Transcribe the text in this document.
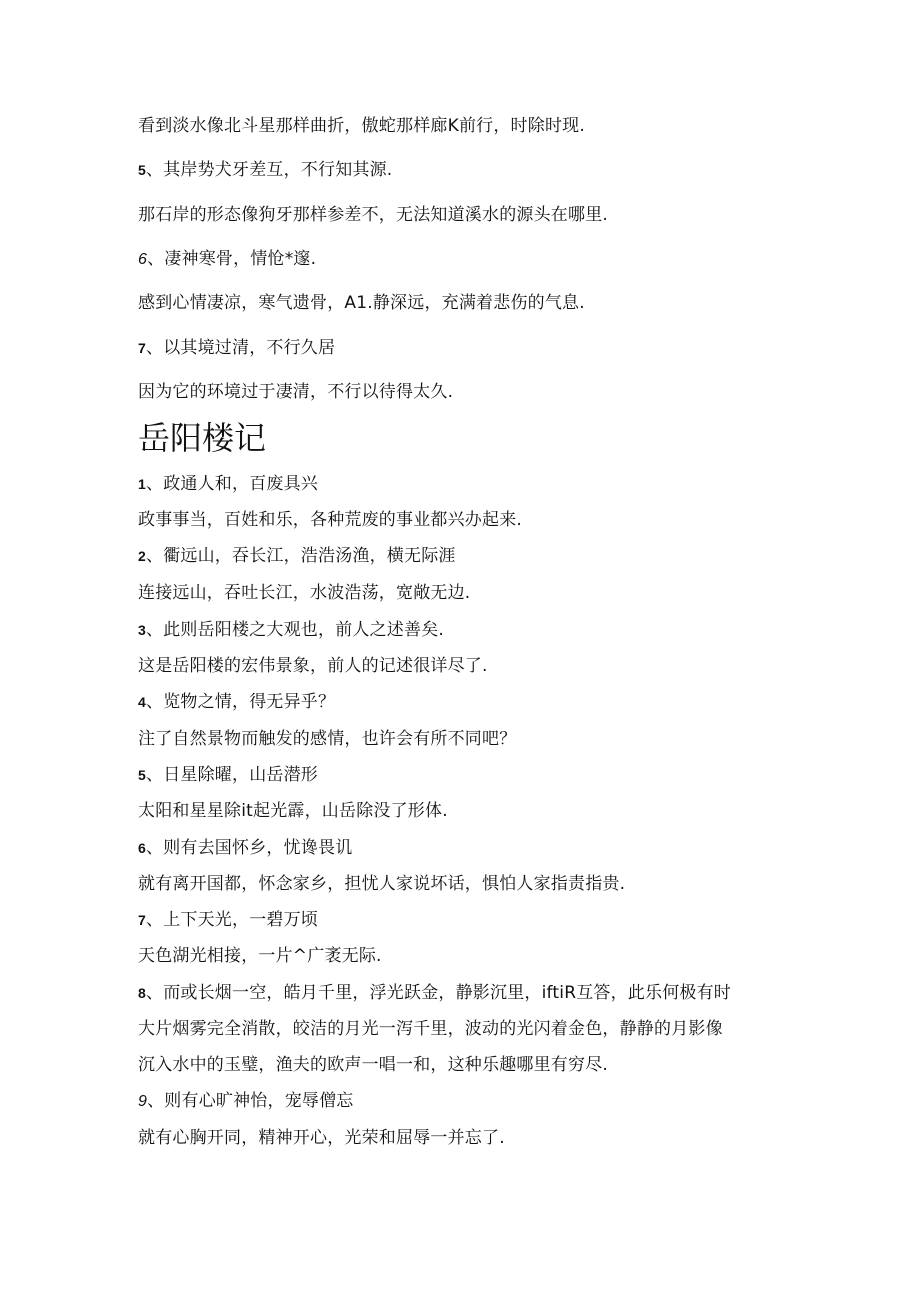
看到淡水像北斗星那样曲折，傲蛇那样廊K前行，时除时现.
5、其岸势犬牙差互，不行知其源.
那石岸的形态像狗牙那样参差不，无法知道溪水的源头在哪里.
6、凄神寒骨，情怆*邃.
感到心情凄凉，寒气遗骨，A1.静深远，充满着悲伤的气息.
7、以其境过清，不行久居
因为它的环境过于凄清，不行以待得太久.
岳阳楼记
1、政通人和，百废具兴
政事事当，百姓和乐，各种荒废的事业都兴办起来.
2、衢远山，吞长江，浩浩汤渔，横无际涯
连接远山，吞吐长江，水波浩荡，宽敞无边.
3、此则岳阳楼之大观也，前人之述善矣.
这是岳阳楼的宏伟景象，前人的记述很详尽了.
4、览物之情，得无异乎？
注了自然景物而触发的感情，也许会有所不同吧？
5、日星除曜，山岳潜形
太阳和星星除it起光霹，山岳除没了形体.
6、则有去国怀乡，忧谗畏讥
就有离开国都，怀念家乡，担忧人家说坏话，惧怕人家指责指贵.
7、上下天光，一碧万顷
天色湖光相接，一片^广袤无际.
8、而或长烟一空，皓月千里，浮光跃金，静影沉里，iftiR互答，此乐何极有时
大片烟雾完全消散，皎洁的月光一泻千里，波动的光闪着金色，静静的月影像
沉入水中的玉璧，渔夫的欧声一唱一和，这种乐趣哪里有穷尽.
9、则有心旷神怡，宠辱僧忘
就有心胸开同，精神开心，光荣和屈辱一并忘了.
